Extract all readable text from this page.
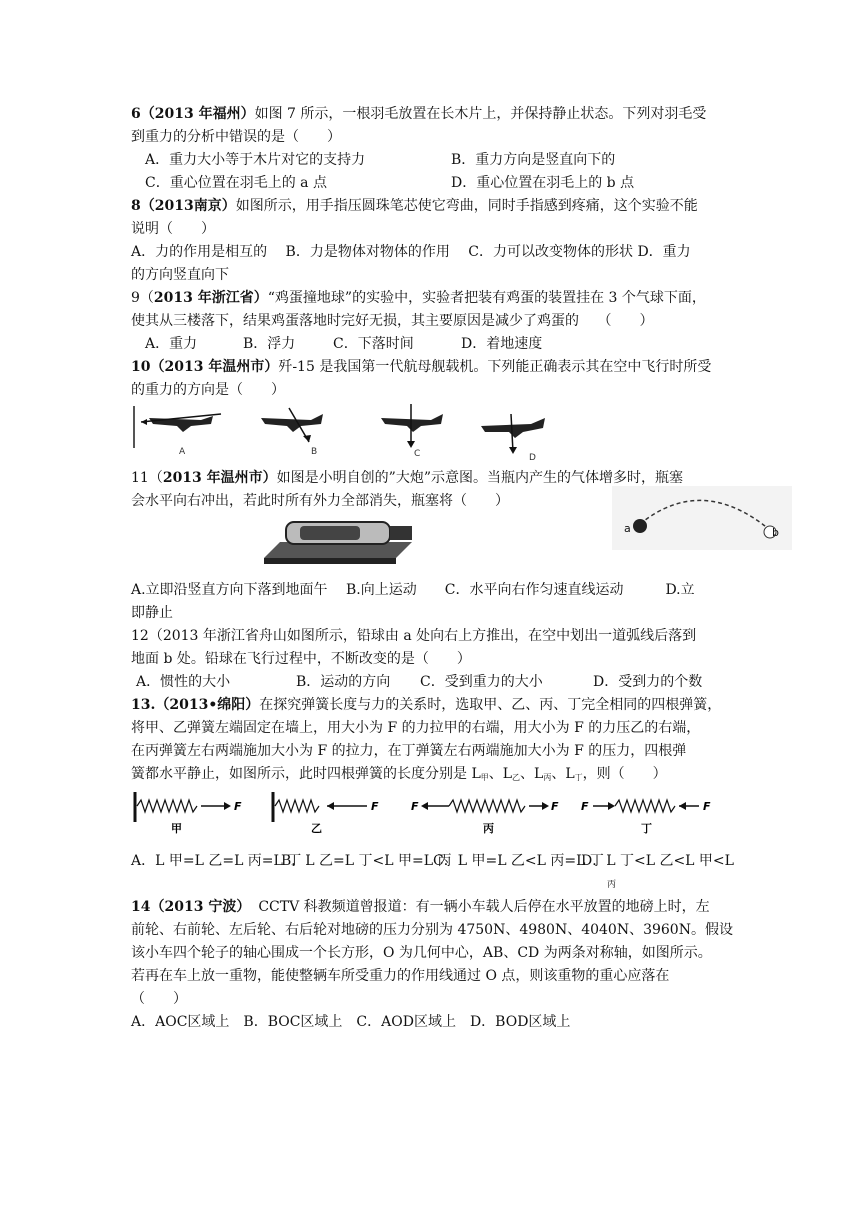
6（2013 年福州）如图 7 所示，一根羽毛放置在长木片上，并保持静止状态。下列对羽毛受
到重力的分析中错误的是（　　）
A．重力大小等于木片对它的支持力	B．重力方向是竖直向下的
C．重心位置在羽毛上的 a 点	D．重心位置在羽毛上的 b 点
8（2013南京）如图所示，用手指压圆珠笔芯使它弯曲，同时手指感到疼痛，这个实验不能
说明（　　）
A．力的作用是相互的　 B．力是物体对物体的作用　 C．力可以改变物体的形状 D．重力
的方向竖直向下
9（2013 年浙江省）“鸡蛋撞地球”的实验中，实验者把装有鸡蛋的装置挂在 3 个气球下面，
使其从三楼落下，结果鸡蛋落地时完好无损，其主要原因是减少了鸡蛋的　 （　　）
A．重力	B．浮力	C．下落时间	D．着地速度
10（2013 年温州市）歼-15 是我国第一代航母舰载机。下列能正确表示其在空中飞行时所受
的重力的方向是（　　）
A	B	C	D
11（2013 年温州市）如图是小明自创的”大炮”示意图。当瓶内产生的气体增多时，瓶塞
会水平向右冲出，若此时所有外力全部消失，瓶塞将（　　）
a	b
A.立即沿竖直方向下落到地面午　 B.向上运动　　C．水平向右作匀速直线运动　　　D.立
即静止
12（2013 年浙江省舟山如图所示，铅球由 a 处向右上方推出，在空中划出一道弧线后落到
地面 b 处。铅球在飞行过程中，不断改变的是（　　）
A．惯性的大小	B．运动的方向	C．受到重力的大小	D．受到力的个数
13.（2013•绵阳）在探究弹簧长度与力的关系时，选取甲、乙、丙、丁完全相同的四根弹簧，
将甲、乙弹簧左端固定在墙上，用大小为 F 的力拉甲的右端，用大小为 F 的力压乙的右端，
在丙弹簧左右两端施加大小为 F 的拉力，在丁弹簧左右两端施加大小为 F 的压力，四根弹
簧都水平静止，如图所示，此时四根弹簧的长度分别是 $L_甲$、$L_乙$、$L_丙$、$L_丁$，则（　　）
F
甲
F
乙
F	F
丙
F	F
丁
A．L 甲=L 乙=L 丙=L 丁
B．L 乙=L 丁<L 甲=L 丙
C．L 甲=L 乙<L 丙=L 丁
D．L 丁<L 乙<L 甲<L
丙
14（2013 宁波） CCTV 科教频道曾报道：有一辆小车载人后停在水平放置的地磅上时，左
前轮、右前轮、左后轮、右后轮对地磅的压力分别为 4750N、4980N、4040N、3960N。假设
该小车四个轮子的轴心围成一个长方形，O 为几何中心，AB、CD 为两条对称轴，如图所示。
若再在车上放一重物，能使整辆车所受重力的作用线通过 O 点，则该重物的重心应落在
（　　）
A．AOC区域上　B．BOC区域上　C．AOD区域上　D．BOD区域上
